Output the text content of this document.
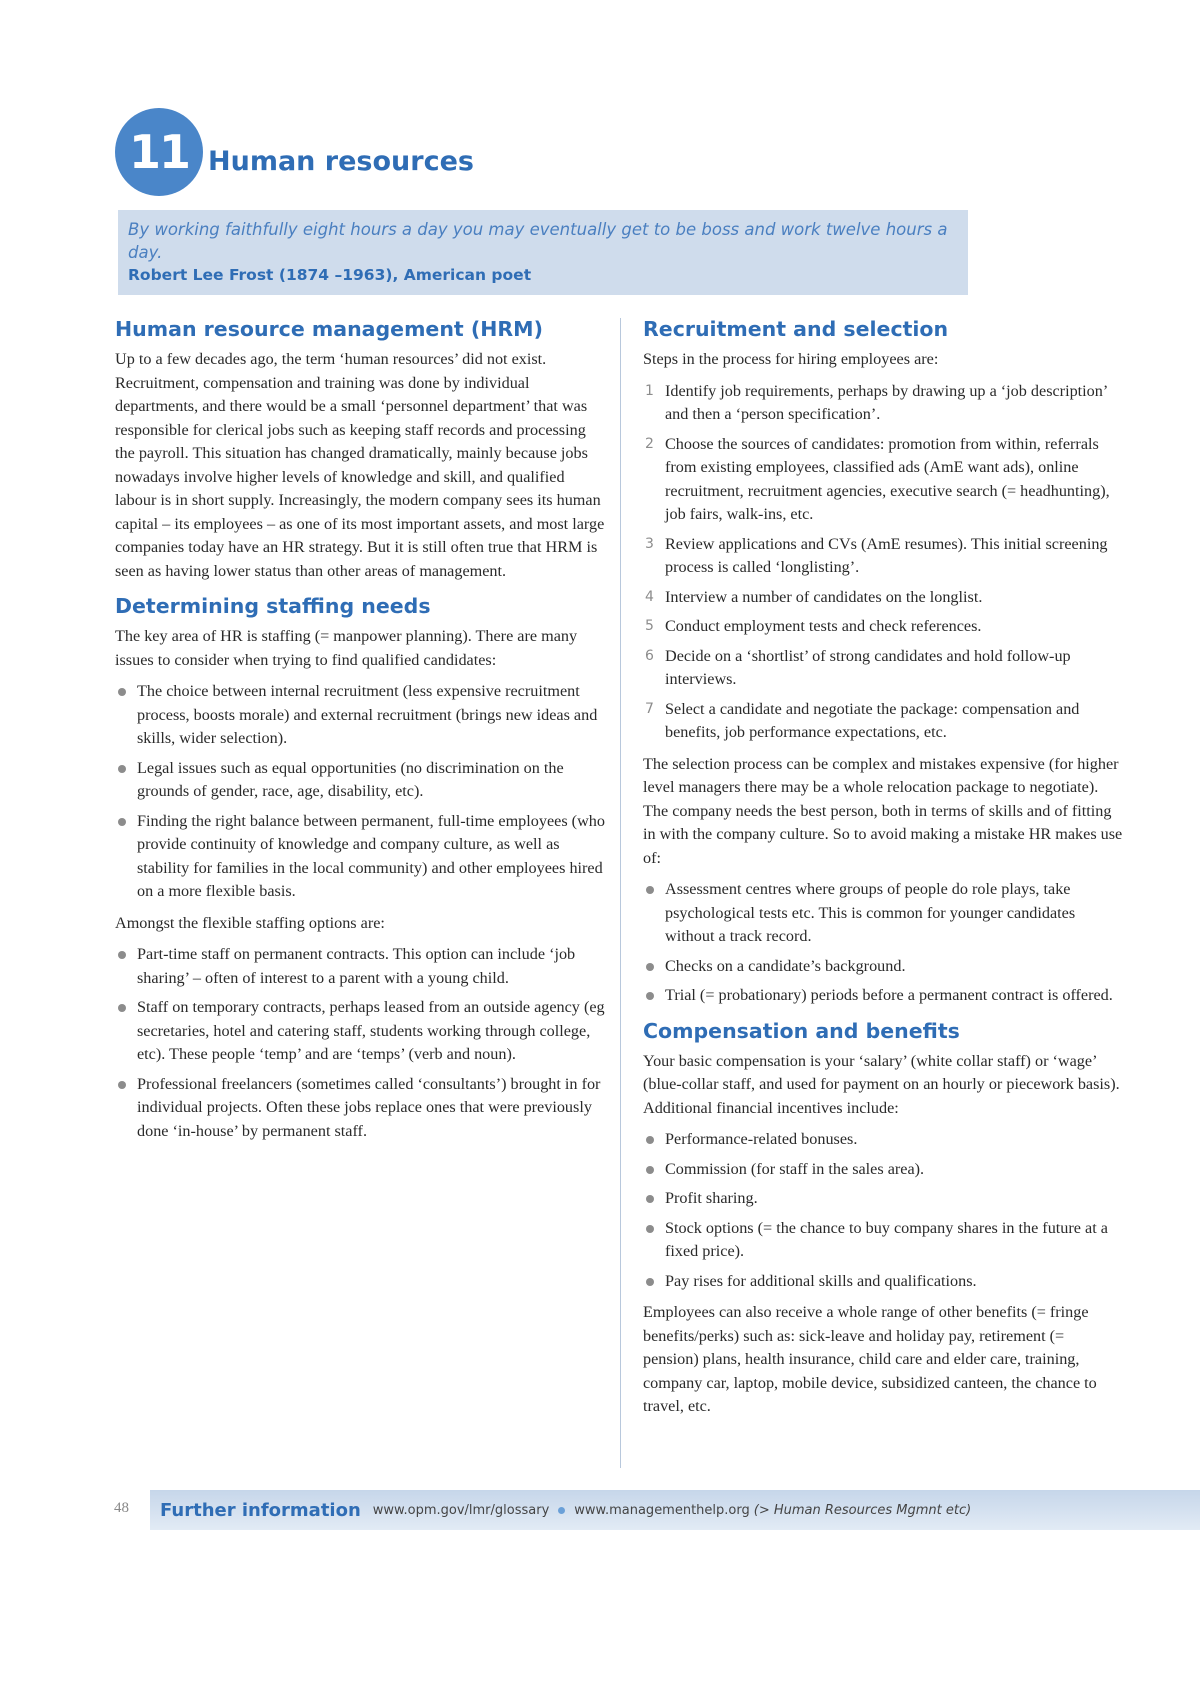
11 Human resources
By working faithfully eight hours a day you may eventually get to be boss and work twelve hours a day.
Robert Lee Frost (1874 –1963), American poet
Human resource management (HRM)

Up to a few decades ago, the term ‘human resources’ did not exist. Recruitment, compensation and training was done by individual departments, and there would be a small ‘personnel department’ that was responsible for clerical jobs such as keeping staff records and processing the payroll. This situation has changed dramatically, mainly because jobs nowadays involve higher levels of knowledge and skill, and qualified labour is in short supply. Increasingly, the modern company sees its human capital – its employees – as one of its most important assets, and most large companies today have an HR strategy. But it is still often true that HRM is seen as having lower status than other areas of management.

Determining staffing needs

The key area of HR is staffing (= manpower planning). There are many issues to consider when trying to find qualified candidates:

The choice between internal recruitment (less expensive recruitment process, boosts morale) and external recruitment (brings new ideas and skills, wider selection).
Legal issues such as equal opportunities (no discrimination on the grounds of gender, race, age, disability, etc).
Finding the right balance between permanent, full-time employees (who provide continuity of knowledge and company culture, as well as stability for families in the local community) and other employees hired on a more flexible basis.

Amongst the flexible staffing options are:

Part-time staff on permanent contracts. This option can include ‘job sharing’ – often of interest to a parent with a young child.
Staff on temporary contracts, perhaps leased from an outside agency (eg secretaries, hotel and catering staff, students working through college, etc). These people ‘temp’ and are ‘temps’ (verb and noun).
Professional freelancers (sometimes called ‘consultants’) brought in for individual projects. Often these jobs replace ones that were previously done ‘in-house’ by permanent staff.
Recruitment and selection

Steps in the process for hiring employees are:

1 Identify job requirements, perhaps by drawing up a ‘job description’ and then a ‘person specification’.
2 Choose the sources of candidates: promotion from within, referrals from existing employees, classified ads (AmE want ads), online recruitment, recruitment agencies, executive search (= headhunting), job fairs, walk-ins, etc.
3 Review applications and CVs (AmE resumes). This initial screening process is called ‘longlisting’.
4 Interview a number of candidates on the longlist.
5 Conduct employment tests and check references.
6 Decide on a ‘shortlist’ of strong candidates and hold follow-up interviews.
7 Select a candidate and negotiate the package: compensation and benefits, job performance expectations, etc.

The selection process can be complex and mistakes expensive (for higher level managers there may be a whole relocation package to negotiate). The company needs the best person, both in terms of skills and of fitting in with the company culture. So to avoid making a mistake HR makes use of:

Assessment centres where groups of people do role plays, take psychological tests etc. This is common for younger candidates without a track record.
Checks on a candidate’s background.
Trial (= probationary) periods before a permanent contract is offered.
Compensation and benefits

Your basic compensation is your ‘salary’ (white collar staff) or ‘wage’ (blue-collar staff, and used for payment on an hourly or piecework basis). Additional financial incentives include:

Performance-related bonuses.
Commission (for staff in the sales area).
Profit sharing.
Stock options (= the chance to buy company shares in the future at a fixed price).
Pay rises for additional skills and qualifications.

Employees can also receive a whole range of other benefits (= fringe benefits/perks) such as: sick-leave and holiday pay, retirement (= pension) plans, health insurance, child care and elder care, training, company car, laptop, mobile device, subsidized canteen, the chance to travel, etc.

48 Further information www.opm.gov/lmr/glossary www.managementhelp.org (> Human Resources Mgmnt etc)
